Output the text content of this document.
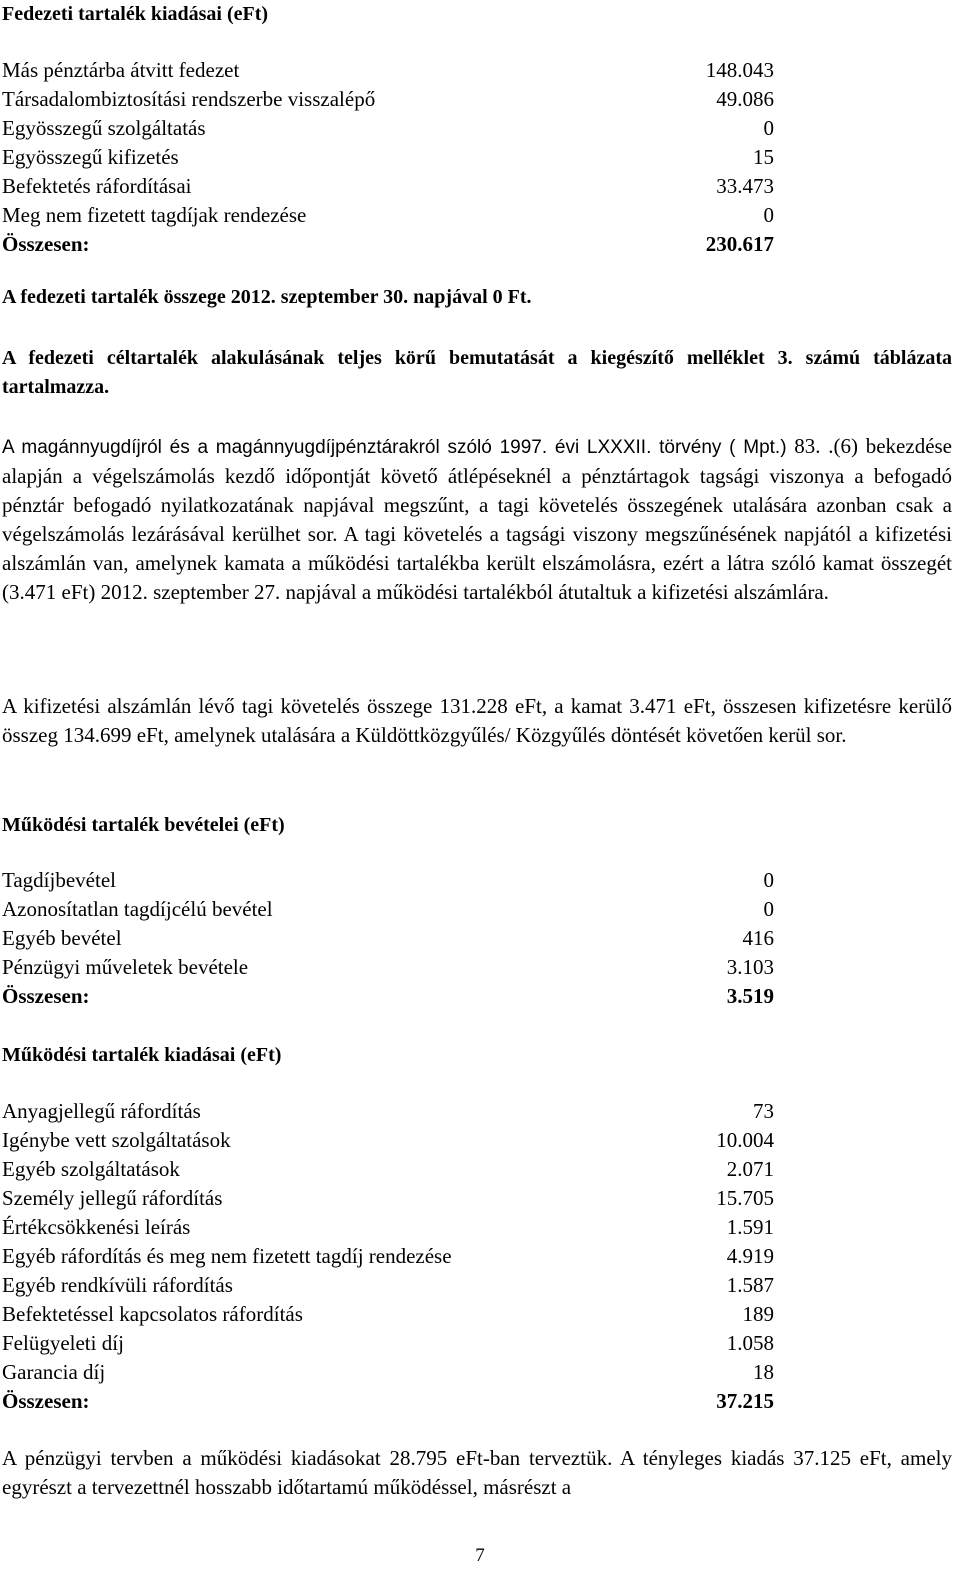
Fedezeti tartalék kiadásai (eFt)
Más pénztárba átvitt fedezet	148.043
Társadalombiztosítási rendszerbe visszalépő	49.086
Egyösszegű szolgáltatás	0
Egyösszegű kifizetés	15
Befektetés ráfordításai	33.473
Meg nem fizetett tagdíjak rendezése	0
Összesen:	230.617
A fedezeti tartalék összege 2012. szeptember 30. napjával 0 Ft.
A fedezeti céltartalék alakulásának teljes körű bemutatását a kiegészítő melléklet 3. számú táblázata tartalmazza.
A magánnyugdíjról és a magánnyugdíjpénztárakról szóló 1997. évi LXXXII. törvény ( Mpt.) 83. .(6) bekezdése alapján a végelszámolás kezdő időpontját követő átlépéseknél a pénztártagok tagsági viszonya a befogadó pénztár befogadó nyilatkozatának napjával megszűnt, a tagi követelés összegének utalására azonban csak a végelszámolás lezárásával kerülhet sor. A tagi követelés a tagsági viszony megszűnésének napjától a kifizetési alszámlán van, amelynek kamata a működési tartalékba került elszámolásra, ezért a látra szóló kamat összegét (3.471 eFt) 2012. szeptember 27. napjával a működési tartalékból átutaltuk a kifizetési alszámlára.
A kifizetési alszámlán lévő tagi követelés összege 131.228 eFt, a kamat 3.471 eFt, összesen kifizetésre kerülő összeg 134.699 eFt, amelynek utalására a Küldöttközgyűlés/ Közgyűlés döntését követően kerül sor.
Működési tartalék bevételei (eFt)
Tagdíjbevétel	0
Azonosítatlan tagdíjcélú bevétel	0
Egyéb bevétel	416
Pénzügyi műveletek bevétele	3.103
Összesen:	3.519
Működési tartalék kiadásai (eFt)
Anyagjellegű ráfordítás	73
Igénybe vett szolgáltatások	10.004
Egyéb szolgáltatások	2.071
Személy jellegű ráfordítás	15.705
Értékcsökkenési leírás	1.591
Egyéb ráfordítás és meg nem fizetett tagdíj rendezése	4.919
Egyéb rendkívüli ráfordítás	1.587
Befektetéssel kapcsolatos ráfordítás	189
Felügyeleti díj	1.058
Garancia díj	18
Összesen:	37.215
A pénzügyi tervben a működési kiadásokat 28.795 eFt-ban terveztük. A tényleges kiadás 37.125 eFt, amely egyrészt a tervezettnél hosszabb időtartamú működéssel, másrészt a
7
